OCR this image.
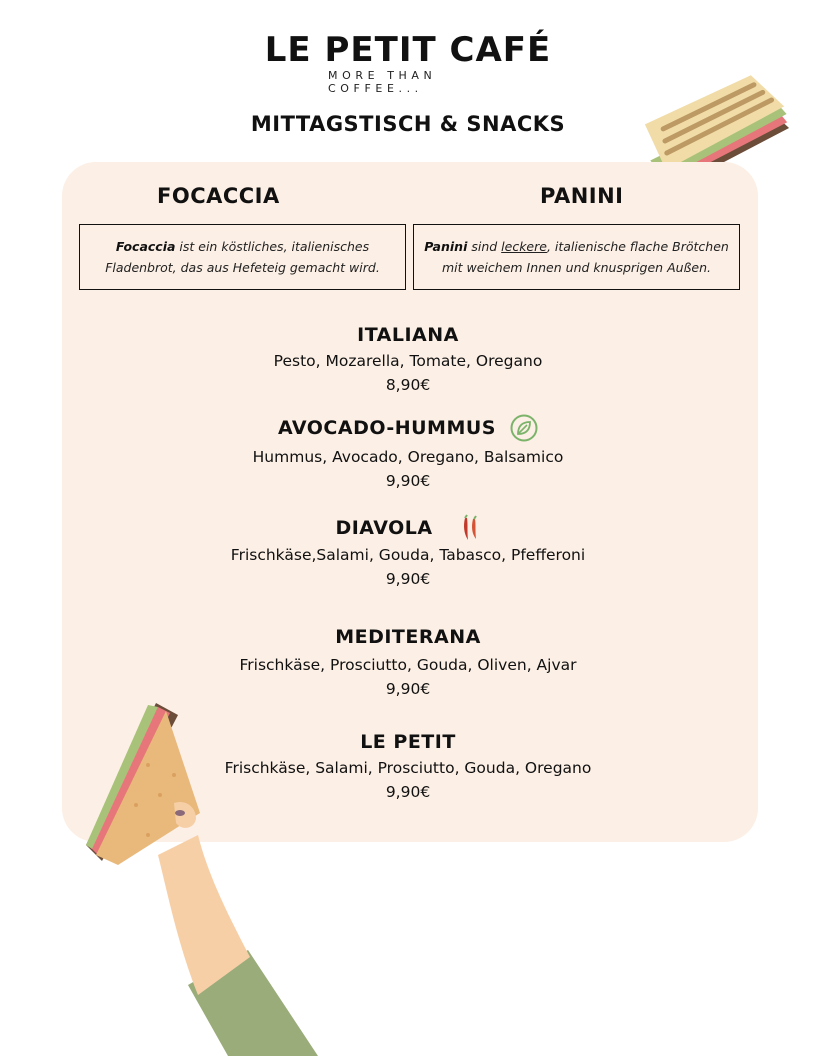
LE PETIT CAFÉ
MORE THAN COFFEE...
MITTAGSTISCH & SNACKS
FOCACCIA	PANINI
Focaccia ist ein köstliches, italienisches Fladenbrot, das aus Hefeteig gemacht wird.
Panini sind leckere, italienische flache Brötchen mit weichem Innen und knusprigen Außen.
ITALIANA
Pesto, Mozarella, Tomate, Oregano
8,90€
AVOCADO-HUMMUS
Hummus, Avocado, Oregano, Balsamico
9,90€
DIAVOLA
Frischkäse,Salami, Gouda, Tabasco, Pfefferoni
9,90€
MEDITERANA
Frischkäse, Prosciutto, Gouda, Oliven, Ajvar
9,90€
LE PETIT
Frischkäse, Salami, Prosciutto, Gouda, Oregano
9,90€
